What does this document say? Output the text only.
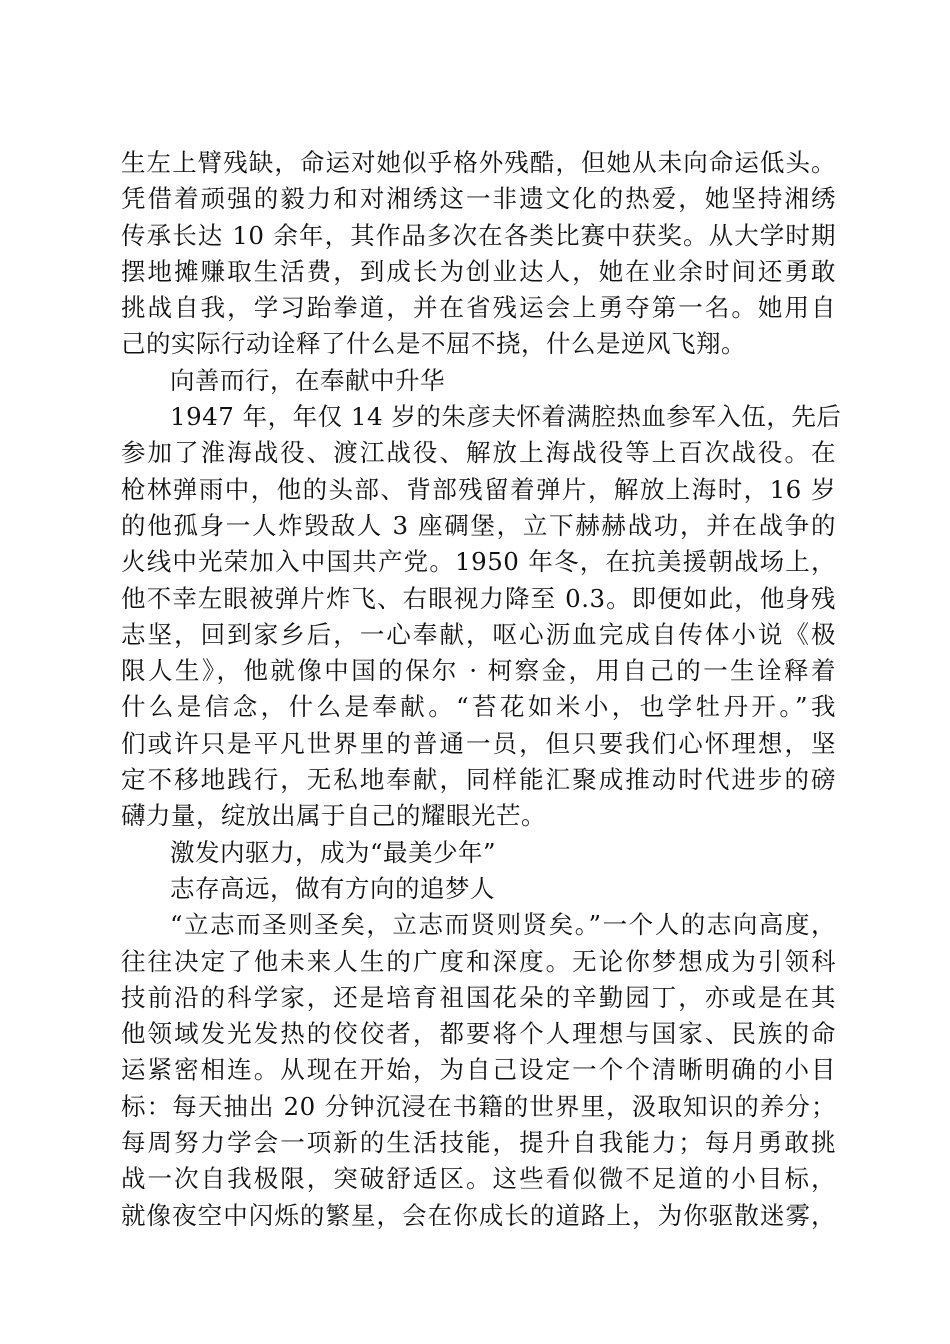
生左上臂残缺，命运对她似乎格外残酷，但她从未向命运低头。
凭借着顽强的毅力和对湘绣这一非遗文化的热爱，她坚持湘绣
传承长达 10 余年，其作品多次在各类比赛中获奖。从大学时期
摆地摊赚取生活费，到成长为创业达人，她在业余时间还勇敢
挑战自我，学习跆拳道，并在省残运会上勇夺第一名。她用自
己的实际行动诠释了什么是不屈不挠，什么是逆风飞翔。
向善而行，在奉献中升华
1947 年，年仅 14 岁的朱彦夫怀着满腔热血参军入伍，先后
参加了淮海战役、渡江战役、解放上海战役等上百次战役。在
枪林弹雨中，他的头部、背部残留着弹片，解放上海时，16 岁
的他孤身一人炸毁敌人 3 座碉堡，立下赫赫战功，并在战争的
火线中光荣加入中国共产党。1950 年冬，在抗美援朝战场上，
他不幸左眼被弹片炸飞、右眼视力降至 0.3。即便如此，他身残
志坚，回到家乡后，一心奉献，呕心沥血完成自传体小说《极
限人生》，他就像中国的保尔 · 柯察金，用自己的一生诠释着
什么是信念，什么是奉献。“苔花如米小，也学牡丹开。”我
们或许只是平凡世界里的普通一员，但只要我们心怀理想，坚
定不移地践行，无私地奉献，同样能汇聚成推动时代进步的磅
礴力量，绽放出属于自己的耀眼光芒。
激发内驱力，成为“最美少年”
志存高远，做有方向的追梦人
“立志而圣则圣矣，立志而贤则贤矣。”一个人的志向高度，
往往决定了他未来人生的广度和深度。无论你梦想成为引领科
技前沿的科学家，还是培育祖国花朵的辛勤园丁，亦或是在其
他领域发光发热的佼佼者，都要将个人理想与国家、民族的命
运紧密相连。从现在开始，为自己设定一个个清晰明确的小目
标：每天抽出 20 分钟沉浸在书籍的世界里，汲取知识的养分；
每周努力学会一项新的生活技能，提升自我能力；每月勇敢挑
战一次自我极限，突破舒适区。这些看似微不足道的小目标，
就像夜空中闪烁的繁星，会在你成长的道路上，为你驱散迷雾，
